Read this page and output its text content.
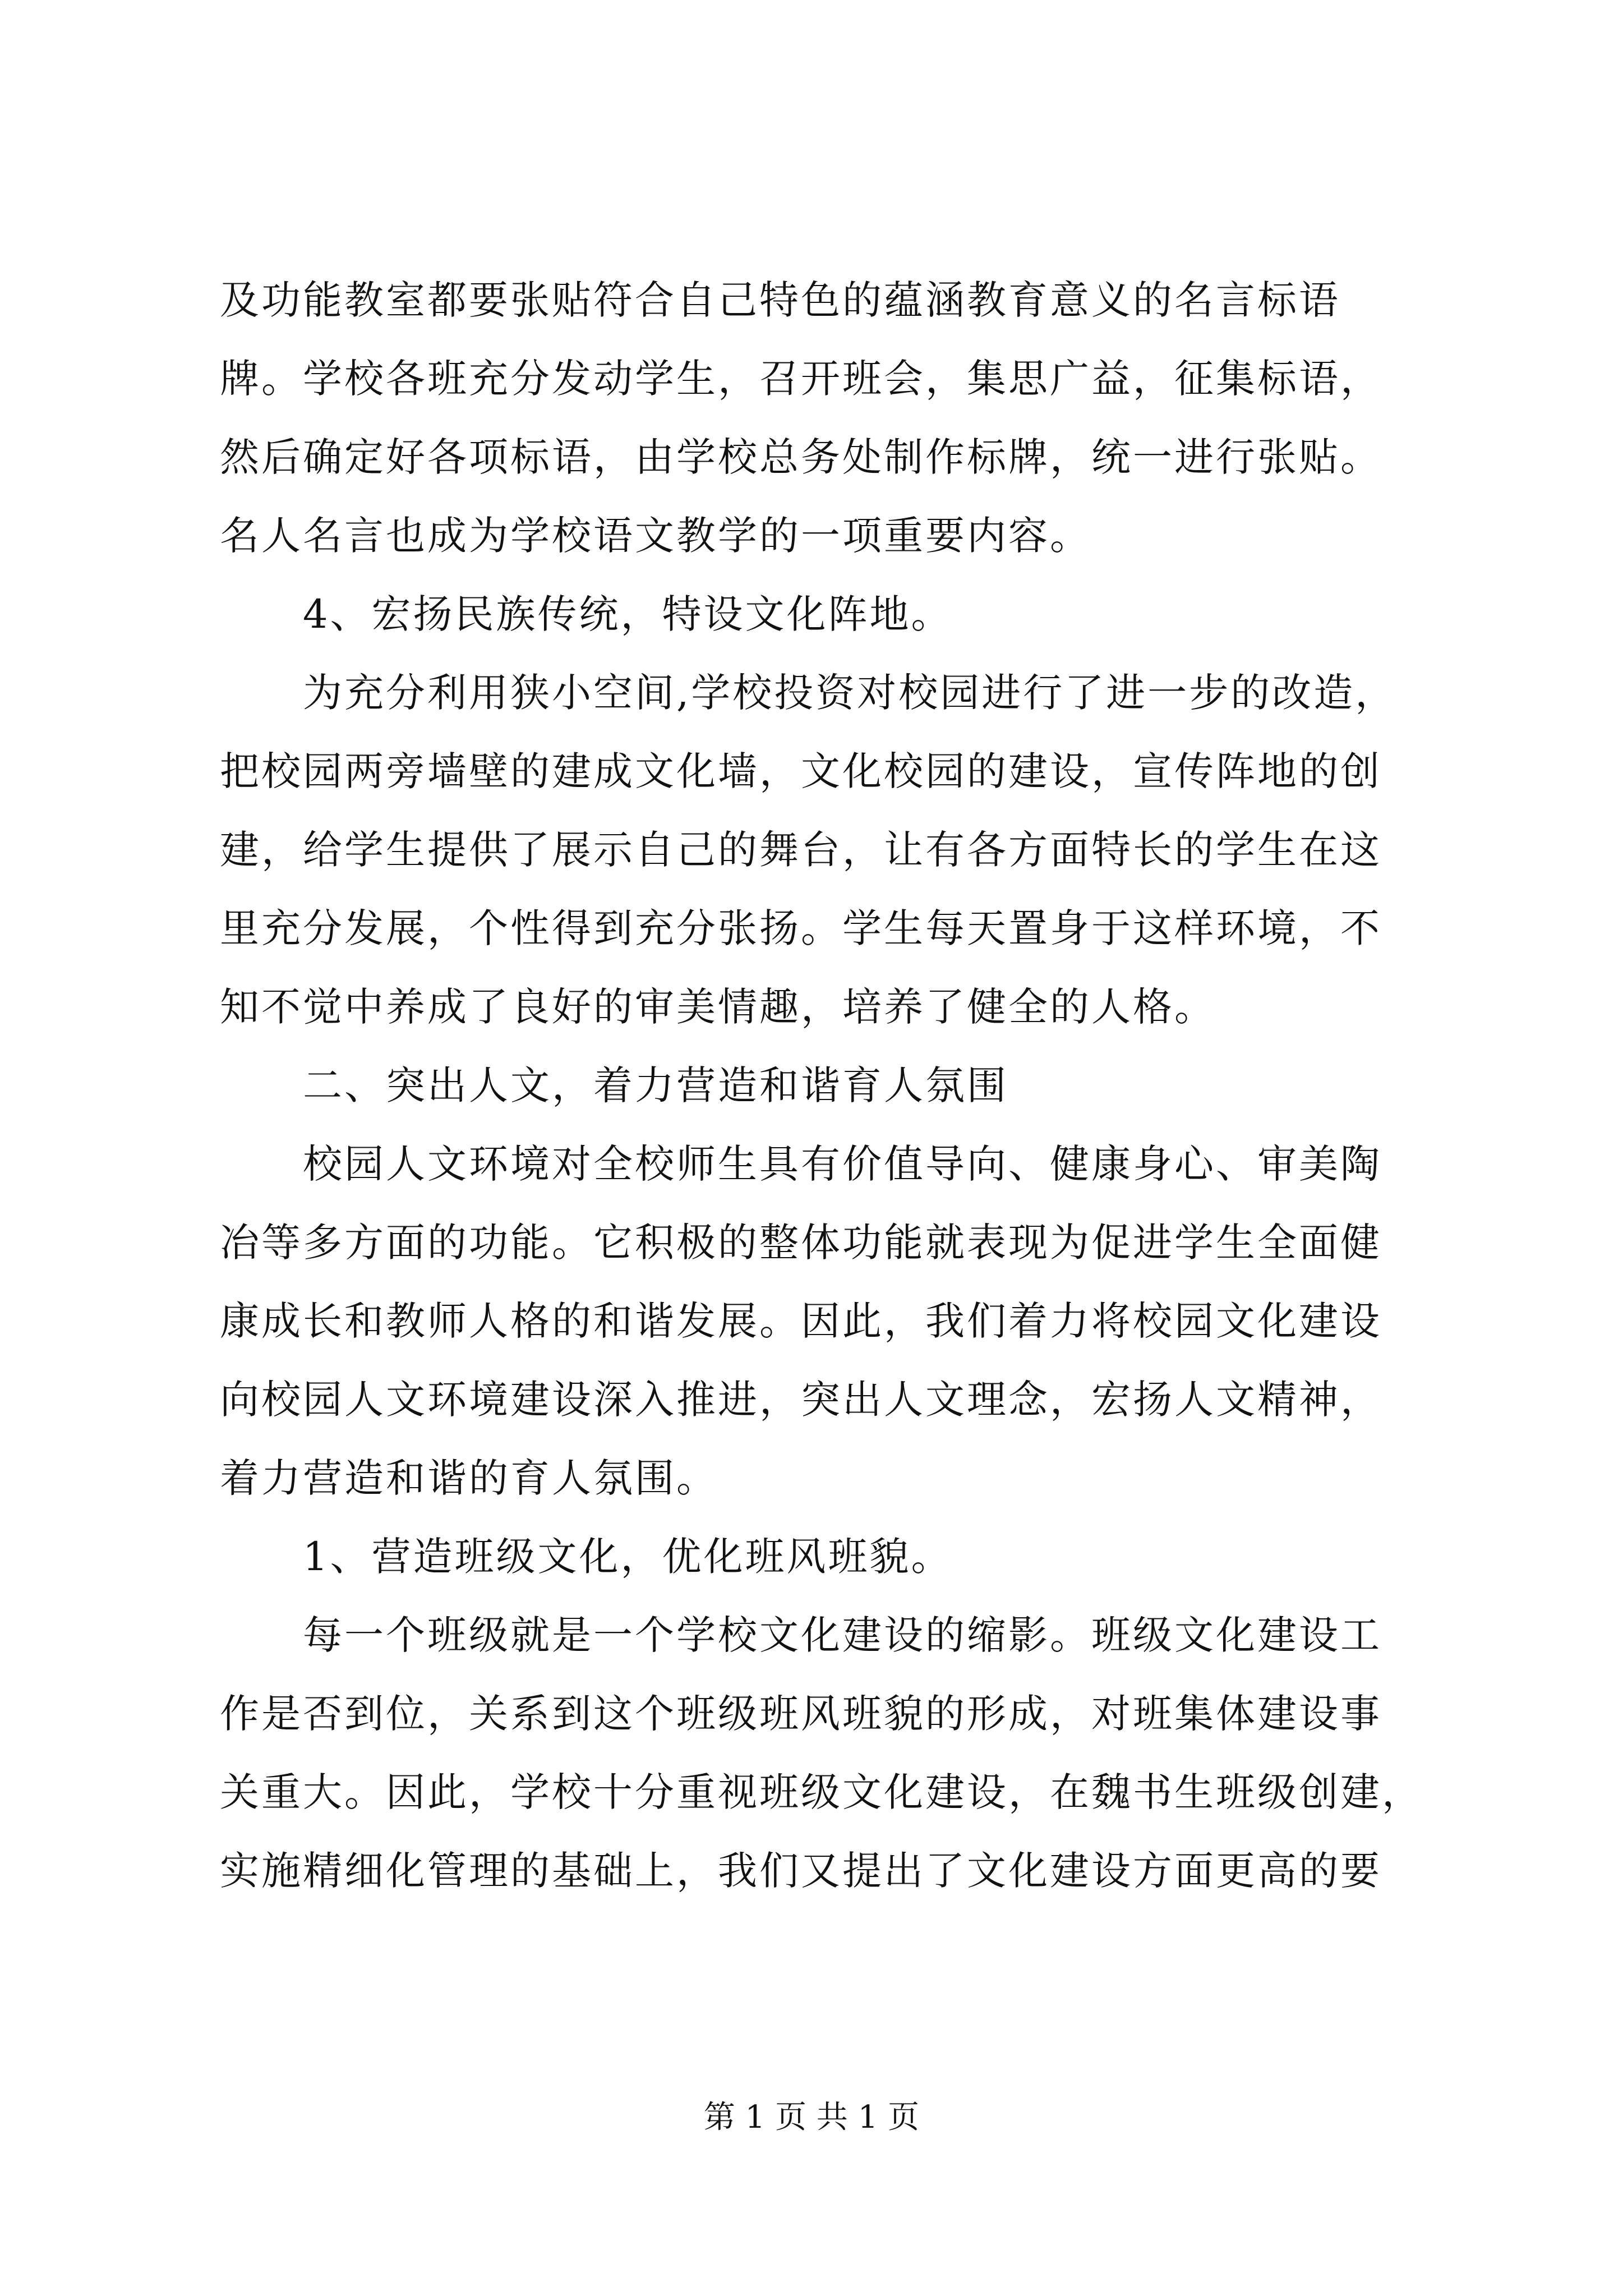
及功能教室都要张贴符合自己特色的蕴涵教育意义的名言标语
牌。学校各班充分发动学生，召开班会，集思广益，征集标语，
然后确定好各项标语，由学校总务处制作标牌，统一进行张贴。
名人名言也成为学校语文教学的一项重要内容。
　　4、宏扬民族传统，特设文化阵地。
　　为充分利用狭小空间,学校投资对校园进行了进一步的改造，
把校园两旁墙壁的建成文化墙，文化校园的建设，宣传阵地的创
建，给学生提供了展示自己的舞台，让有各方面特长的学生在这
里充分发展，个性得到充分张扬。学生每天置身于这样环境，不
知不觉中养成了良好的审美情趣，培养了健全的人格。
　　二、突出人文，着力营造和谐育人氛围
　　校园人文环境对全校师生具有价值导向、健康身心、审美陶
冶等多方面的功能。它积极的整体功能就表现为促进学生全面健
康成长和教师人格的和谐发展。因此，我们着力将校园文化建设
向校园人文环境建设深入推进，突出人文理念，宏扬人文精神，
着力营造和谐的育人氛围。
　　1、营造班级文化，优化班风班貌。
　　每一个班级就是一个学校文化建设的缩影。班级文化建设工
作是否到位，关系到这个班级班风班貌的形成，对班集体建设事
关重大。因此，学校十分重视班级文化建设，在魏书生班级创建，
实施精细化管理的基础上，我们又提出了文化建设方面更高的要
第 1 页 共 1 页
